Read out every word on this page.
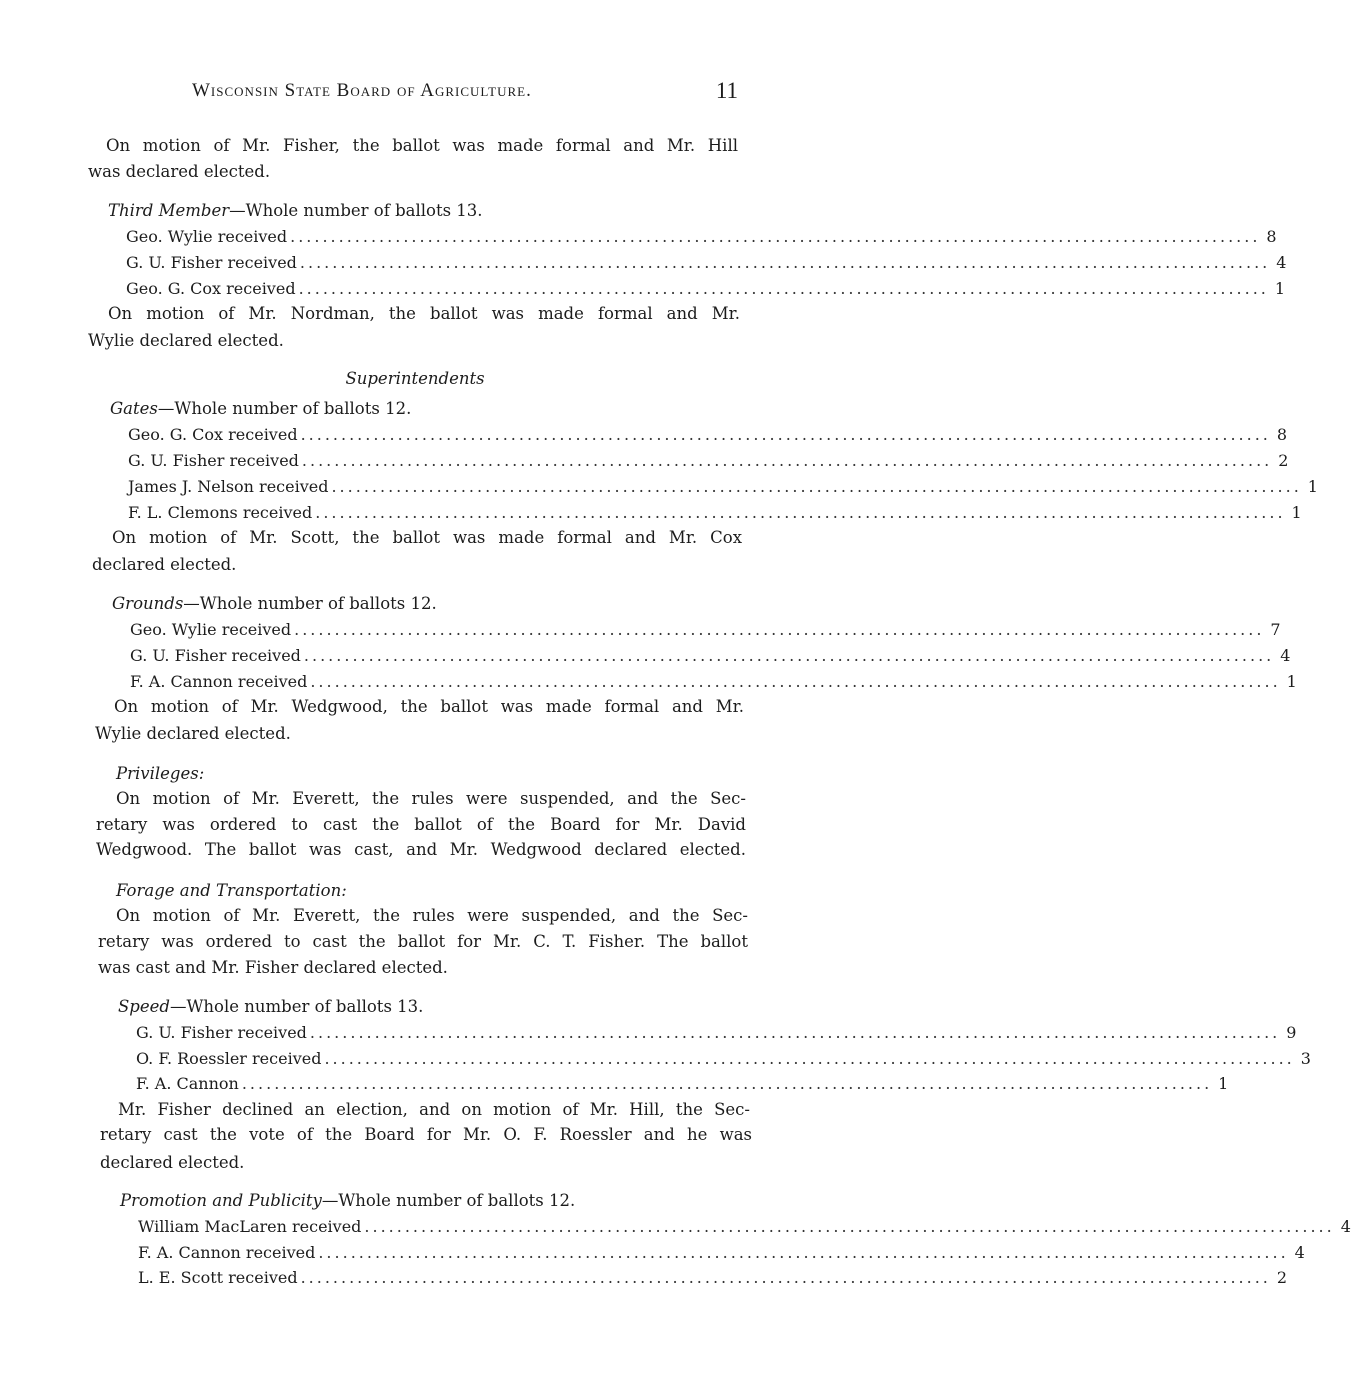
Wisconsin State Board of Agriculture.	11
On motion of Mr. Fisher, the ballot was made formal and Mr. Hill
was declared elected.
Third Member—Whole number of ballots 13.
Geo. Wylie received ........................................................................................................................ 8
G. U. Fisher received ........................................................................................................................ 4
Geo. G. Cox received ........................................................................................................................ 1
On motion of Mr. Nordman, the ballot was made formal and Mr.
Wylie declared elected.
Superintendents
Gates—Whole number of ballots 12.
Geo. G. Cox received ........................................................................................................................ 8
G. U. Fisher received ........................................................................................................................ 2
James J. Nelson received ........................................................................................................................ 1
F. L. Clemons received ........................................................................................................................ 1
On motion of Mr. Scott, the ballot was made formal and Mr. Cox
declared elected.
Grounds—Whole number of ballots 12.
Geo. Wylie received ........................................................................................................................ 7
G. U. Fisher received ........................................................................................................................ 4
F. A. Cannon received ........................................................................................................................ 1
On motion of Mr. Wedgwood, the ballot was made formal and Mr.
Wylie declared elected.
Privileges:
On motion of Mr. Everett, the rules were suspended, and the Sec-
retary was ordered to cast the ballot of the Board for Mr. David
Wedgwood. The ballot was cast, and Mr. Wedgwood declared elected.
Forage and Transportation:
On motion of Mr. Everett, the rules were suspended, and the Sec-
retary was ordered to cast the ballot for Mr. C. T. Fisher. The ballot
was cast and Mr. Fisher declared elected.
Speed—Whole number of ballots 13.
G. U. Fisher received ........................................................................................................................ 9
O. F. Roessler received ........................................................................................................................ 3
F. A. Cannon ........................................................................................................................ 1
Mr. Fisher declined an election, and on motion of Mr. Hill, the Sec-
retary cast the vote of the Board for Mr. O. F. Roessler and he was
declared elected.
Promotion and Publicity—Whole number of ballots 12.
William MacLaren received ........................................................................................................................ 4
F. A. Cannon received ........................................................................................................................ 4
L. E. Scott received ........................................................................................................................ 2
